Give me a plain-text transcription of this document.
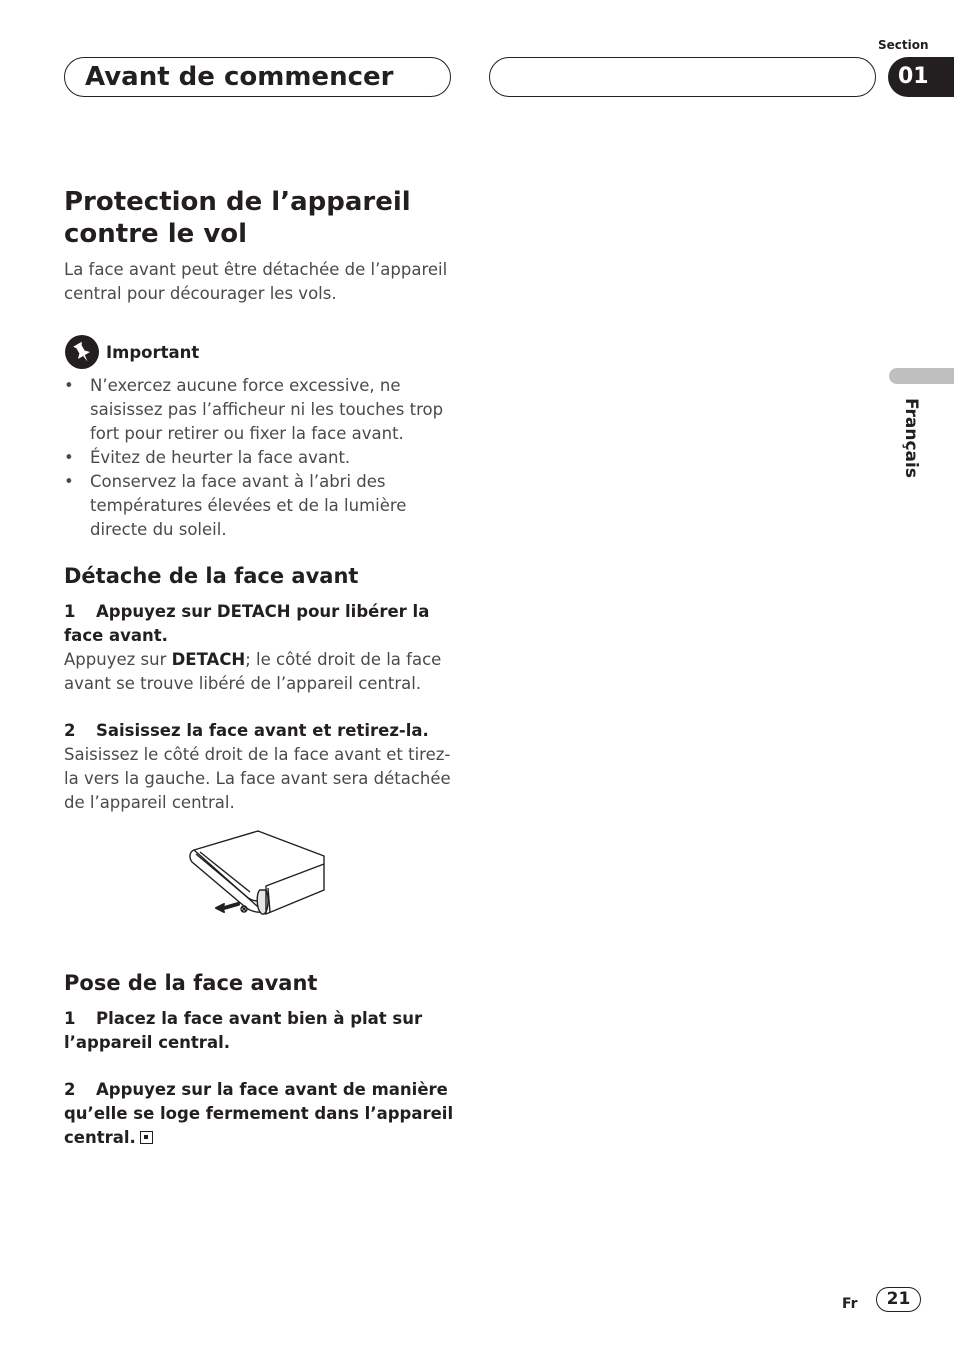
Avant de commencer
Section
01
Français
Protection de l’appareil contre le vol

La face avant peut être détachée de l’appareil central pour décourager les vols.

Important
• N’exercez aucune force excessive, ne saisissez pas l’afficheur ni les touches trop fort pour retirer ou fixer la face avant.
• Évitez de heurter la face avant.
• Conservez la face avant à l’abri des températures élevées et de la lumière directe du soleil.
Détache de la face avant

1 Appuyez sur DETACH pour libérer la face avant.

Appuyez sur DETACH; le côté droit de la face avant se trouve libéré de l’appareil central.

2 Saisissez la face avant et retirez-la.

Saisissez le côté droit de la face avant et tirez-la vers la gauche. La face avant sera détachée de l’appareil central.

Pose de la face avant

1 Placez la face avant bien à plat sur l’appareil central.

2 Appuyez sur la face avant de manière qu’elle se loge fermement dans l’appareil central.

Fr	21
